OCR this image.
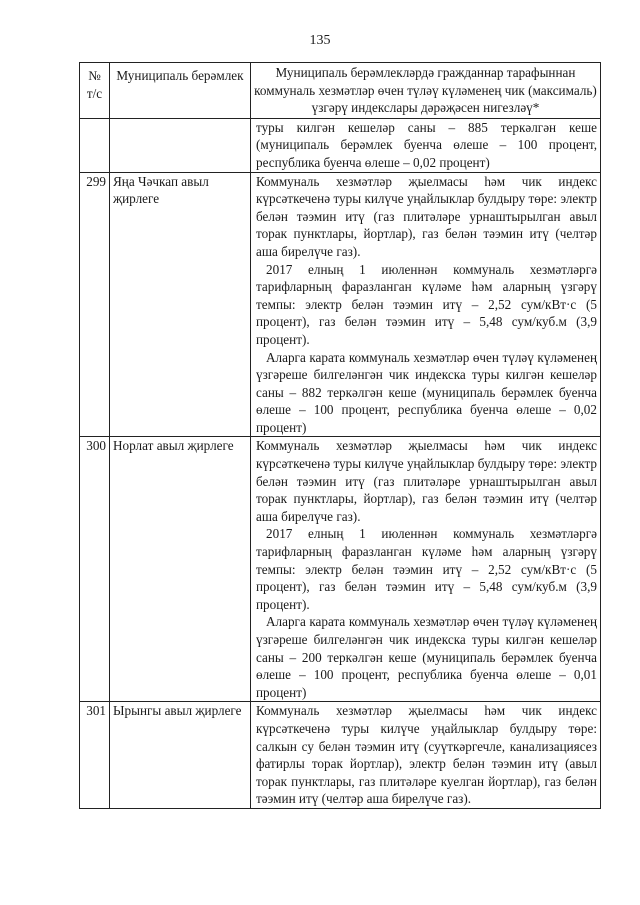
135
№ т/с	Муниципаль берәмлек	Муниципаль берәмлекләрдә гражданнар тарафыннан коммуналь хезмәтләр өчен түләү күләменең чик (максималь) үзгәрү индекслары дәрәҗәсен нигезләү*

		туры килгән кешеләр саны – 885 теркәлгән кеше (муниципаль берәмлек буенча өлеше – 100 процент, республика буенча өлеше – 0,02 процент)

299	Яңа Чәчкап авыл җирлеге	Коммуналь хезмәтләр җыелмасы һәм чик индекс күрсәткеченә туры килүче уңайлыклар булдыру төре: электр белән тәэмин итү (газ плитәләре урнаштырылган авыл торак пунктлары, йортлар), газ белән тәэмин итү (челтәр аша бирелүче газ).

2017 елның 1 июленнән коммуналь хезмәтләргә тарифларның фаразланган күләме һәм аларның үзгәрү темпы: электр белән тәэмин итү – 2,52 сум/кВт·с (5 процент), газ белән тәэмин итү – 5,48 сум/куб.м (3,9 процент).

Аларга карата коммуналь хезмәтләр өчен түләү күләменең үзгәреше билгеләнгән чик индекска туры килгән кешеләр саны – 882 теркәлгән кеше (муниципаль берәмлек буенча өлеше – 100 процент, республика буенча өлеше – 0,02 процент)

300	Норлат авыл җирлеге	Коммуналь хезмәтләр җыелмасы һәм чик индекс күрсәткеченә туры килүче уңайлыклар булдыру төре: электр белән тәэмин итү (газ плитәләре урнаштырылган авыл торак пунктлары, йортлар), газ белән тәэмин итү (челтәр аша бирелүче газ).

2017 елның 1 июленнән коммуналь хезмәтләргә тарифларның фаразланган күләме һәм аларның үзгәрү темпы: электр белән тәэмин итү – 2,52 сум/кВт·с (5 процент), газ белән тәэмин итү – 5,48 сум/куб.м (3,9 процент).

Аларга карата коммуналь хезмәтләр өчен түләү күләменең үзгәреше билгеләнгән чик индекска туры килгән кешеләр саны – 200 теркәлгән кеше (муниципаль берәмлек буенча өлеше – 100 процент, республика буенча өлеше – 0,01 процент)

301	Ырынгы авыл җирлеге	Коммуналь хезмәтләр җыелмасы һәм чик индекс күрсәткеченә туры килүче уңайлыклар булдыру төре: салкын су белән тәэмин итү (суүткәргечле, канализациясез фатирлы торак йортлар), электр белән тәэмин итү (авыл торак пунктлары, газ плитәләре куелган йортлар), газ белән тәэмин итү (челтәр аша бирелүче газ).
